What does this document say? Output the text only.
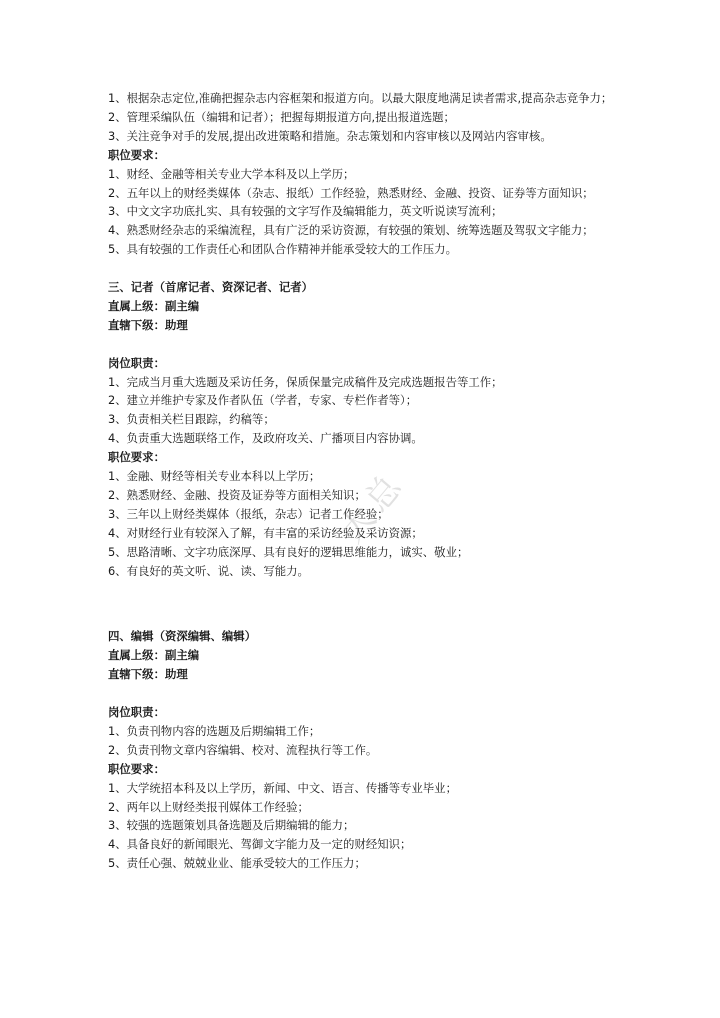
大总
1、根据杂志定位,准确把握杂志内容框架和报道方向。以最大限度地满足读者需求,提高杂志竞争力；
2、管理采编队伍（编辑和记者）；把握每期报道方向,提出报道选题；
3、关注竞争对手的发展,提出改进策略和措施。杂志策划和内容审核以及网站内容审核。
职位要求：
1、财经、金融等相关专业大学本科及以上学历；
2、五年以上的财经类媒体（杂志、报纸）工作经验，熟悉财经、金融、投资、证券等方面知识；
3、中文文字功底扎实、具有较强的文字写作及编辑能力，英文听说读写流利；
4、熟悉财经杂志的采编流程，具有广泛的采访资源，有较强的策划、统筹选题及驾驭文字能力；
5、具有较强的工作责任心和团队合作精神并能承受较大的工作压力。
三、记者（首席记者、资深记者、记者）
直属上级：副主编
直辖下级：助理
岗位职责：
1、完成当月重大选题及采访任务，保质保量完成稿件及完成选题报告等工作；
2、建立并维护专家及作者队伍（学者，专家、专栏作者等）；
3、负责相关栏目跟踪，约稿等；
4、负责重大选题联络工作，及政府攻关、广播项目内容协调。
职位要求：
1、金融、财经等相关专业本科以上学历；
2、熟悉财经、金融、投资及证券等方面相关知识；
3、三年以上财经类媒体（报纸，杂志）记者工作经验；
4、对财经行业有较深入了解，有丰富的采访经验及采访资源；
5、思路清晰、文字功底深厚、具有良好的逻辑思维能力，诚实、敬业；
6、有良好的英文听、说、读、写能力。
四、编辑（资深编辑、编辑）
直属上级：副主编
直辖下级：助理
岗位职责：
1、负责刊物内容的选题及后期编辑工作；
2、负责刊物文章内容编辑、校对、流程执行等工作。
职位要求：
1、大学统招本科及以上学历，新闻、中文、语言、传播等专业毕业；
2、两年以上财经类报刊媒体工作经验；
3、较强的选题策划具备选题及后期编辑的能力；
4、具备良好的新闻眼光、驾御文字能力及一定的财经知识；
5、责任心强、兢兢业业、能承受较大的工作压力；
